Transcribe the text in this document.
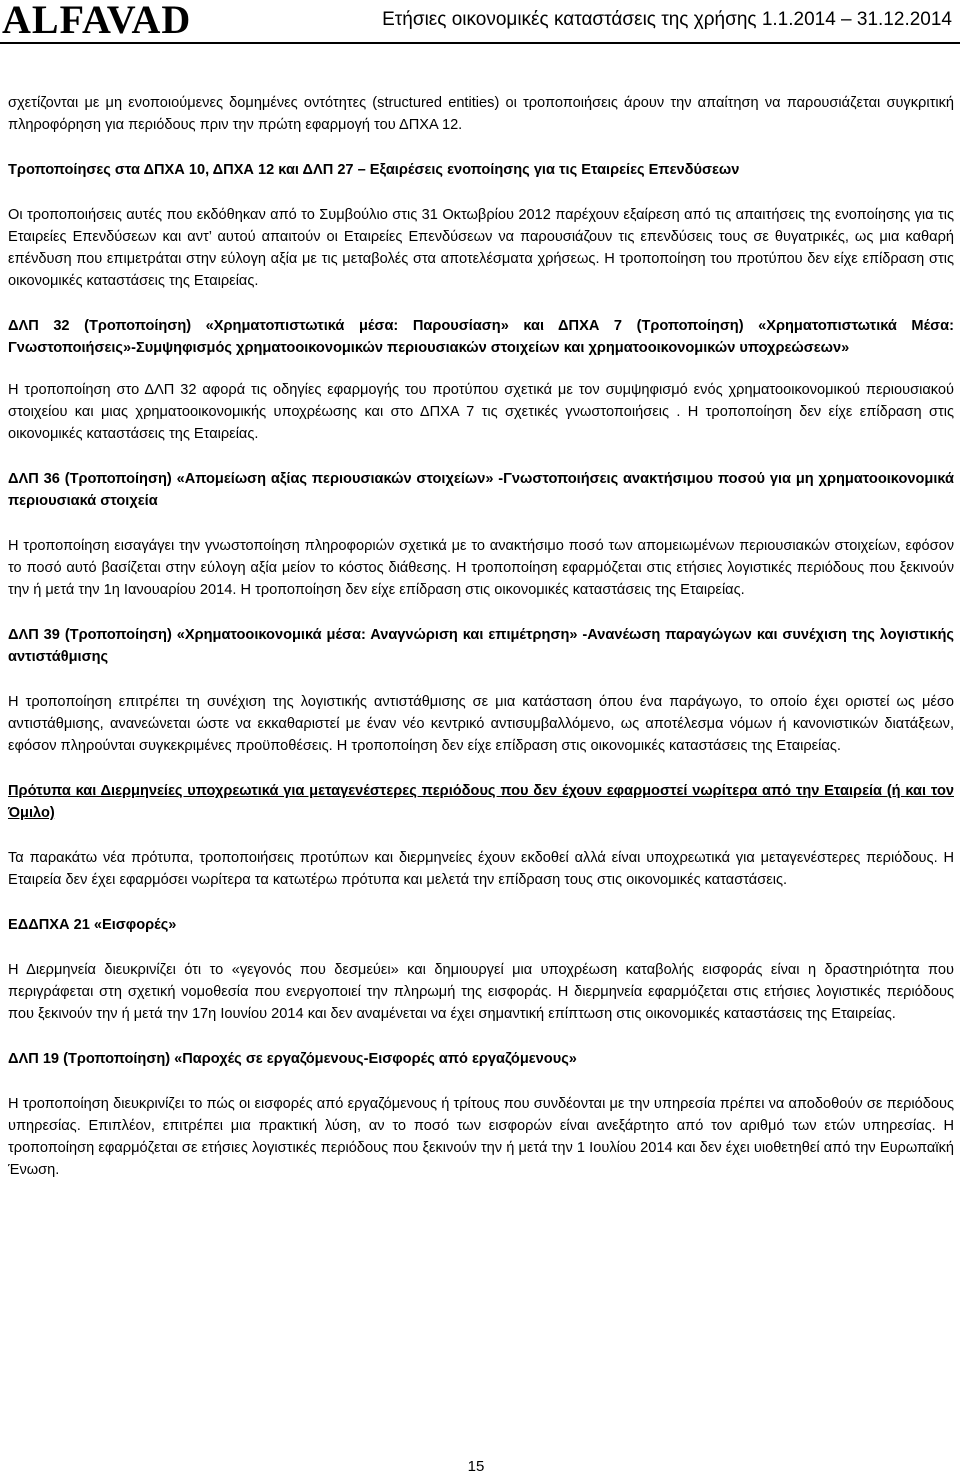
ALFAVAD	Ετήσιες οικονομικές καταστάσεις της χρήσης 1.1.2014 – 31.12.2014

σχετίζονται με μη ενοποιούμενες δομημένες οντότητες (structured entities) οι τροποποιήσεις άρουν την απαίτηση να παρουσιάζεται συγκριτική πληροφόρηση για περιόδους πριν την πρώτη εφαρμογή του ΔΠΧΑ 12.

Τροποποίησες στα ΔΠΧΑ 10, ΔΠΧΑ 12 και ΔΛΠ 27 – Εξαιρέσεις ενοποίησης για τις Εταιρείες Επενδύσεων

Οι τροποποιήσεις αυτές που εκδόθηκαν από το Συμβούλιο στις 31 Οκτωβρίου 2012 παρέχουν εξαίρεση από τις απαιτήσεις της ενοποίησης για τις Εταιρείες Επενδύσεων και αντ’ αυτού απαιτούν οι Εταιρείες Επενδύσεων να παρουσιάζουν τις επενδύσεις τους σε θυγατρικές, ως μια καθαρή επένδυση που επιμετράται στην εύλογη αξία με τις μεταβολές στα αποτελέσματα χρήσεως. Η τροποποίηση του προτύπου δεν είχε επίδραση στις οικονομικές καταστάσεις της Εταιρείας.

ΔΛΠ 32 (Τροποποίηση) «Χρηματοπιστωτικά μέσα: Παρουσίαση» και ΔΠΧΑ 7 (Τροποποίηση) «Χρηματοπιστωτικά Μέσα: Γνωστοποιήσεις»-Συμψηφισμός χρηματοοικονομικών περιουσιακών στοιχείων και χρηματοοικονομικών υποχρεώσεων»

Η τροποποίηση στο ΔΛΠ 32 αφορά τις οδηγίες εφαρμογής του προτύπου σχετικά με τον συμψηφισμό ενός χρηματοοικονομικού περιουσιακού στοιχείου και μιας χρηματοοικονομικής υποχρέωσης και στο ΔΠΧΑ 7 τις σχετικές γνωστοποιήσεις . Η τροποποίηση δεν είχε επίδραση στις οικονομικές καταστάσεις της Εταιρείας.

ΔΛΠ 36 (Τροποποίηση) «Απομείωση αξίας περιουσιακών στοιχείων» -Γνωστοποιήσεις ανακτήσιμου ποσού για μη χρηματοοικονομικά περιουσιακά στοιχεία

Η τροποποίηση εισαγάγει την γνωστοποίηση πληροφοριών σχετικά με το ανακτήσιμο ποσό των απομειωμένων περιουσιακών στοιχείων, εφόσον το ποσό αυτό βασίζεται στην εύλογη αξία μείον το κόστος διάθεσης. Η τροποποίηση εφαρμόζεται στις ετήσιες λογιστικές περιόδους που ξεκινούν την ή μετά την 1η Ιανουαρίου 2014. Η τροποποίηση δεν είχε επίδραση στις οικονομικές καταστάσεις της Εταιρείας.

ΔΛΠ 39 (Τροποποίηση) «Χρηματοοικονομικά μέσα: Αναγνώριση και επιμέτρηση» -Ανανέωση παραγώγων και συνέχιση της λογιστικής αντιστάθμισης

Η τροποποίηση επιτρέπει τη συνέχιση της λογιστικής αντιστάθμισης σε μια κατάσταση όπου ένα παράγωγο, το οποίο έχει οριστεί ως μέσο αντιστάθμισης, ανανεώνεται ώστε να εκκαθαριστεί με έναν νέο κεντρικό αντισυμβαλλόμενο, ως αποτέλεσμα νόμων ή κανονιστικών διατάξεων, εφόσον πληρούνται συγκεκριμένες προϋποθέσεις. Η τροποποίηση δεν είχε επίδραση στις οικονομικές καταστάσεις της Εταιρείας.

Πρότυπα και Διερμηνείες υποχρεωτικά για μεταγενέστερες περιόδους που δεν έχουν εφαρμοστεί νωρίτερα από την Εταιρεία (ή και τον Όμιλο)

Τα παρακάτω νέα πρότυπα, τροποποιήσεις προτύπων και διερμηνείες έχουν εκδοθεί αλλά είναι υποχρεωτικά για μεταγενέστερες περιόδους. Η Εταιρεία δεν έχει εφαρμόσει νωρίτερα τα κατωτέρω πρότυπα και μελετά την επίδραση τους στις οικονομικές καταστάσεις.

ΕΔΔΠΧΑ 21 «Εισφορές»

Η Διερμηνεία διευκρινίζει ότι το «γεγονός που δεσμεύει» και δημιουργεί μια υποχρέωση καταβολής εισφοράς είναι η δραστηριότητα που περιγράφεται στη σχετική νομοθεσία που ενεργοποιεί την πληρωμή της εισφοράς. Η διερμηνεία εφαρμόζεται στις ετήσιες λογιστικές περιόδους που ξεκινούν την ή μετά την 17η Ιουνίου 2014 και δεν αναμένεται να έχει σημαντική επίπτωση στις οικονομικές καταστάσεις της Εταιρείας.

ΔΛΠ 19 (Τροποποίηση) «Παροχές σε εργαζόμενους-Εισφορές από εργαζόμενους»

Η τροποποίηση διευκρινίζει το πώς οι εισφορές από εργαζόμενους ή τρίτους που συνδέονται με την υπηρεσία πρέπει να αποδοθούν σε περιόδους υπηρεσίας. Επιπλέον, επιτρέπει μια πρακτική λύση, αν το ποσό των εισφορών είναι ανεξάρτητο από τον αριθμό των ετών υπηρεσίας. Η τροποποίηση εφαρμόζεται σε ετήσιες λογιστικές περιόδους που ξεκινούν την ή μετά την 1 Ιουλίου 2014 και δεν έχει υιοθετηθεί από την Ευρωπαϊκή Ένωση.

15
